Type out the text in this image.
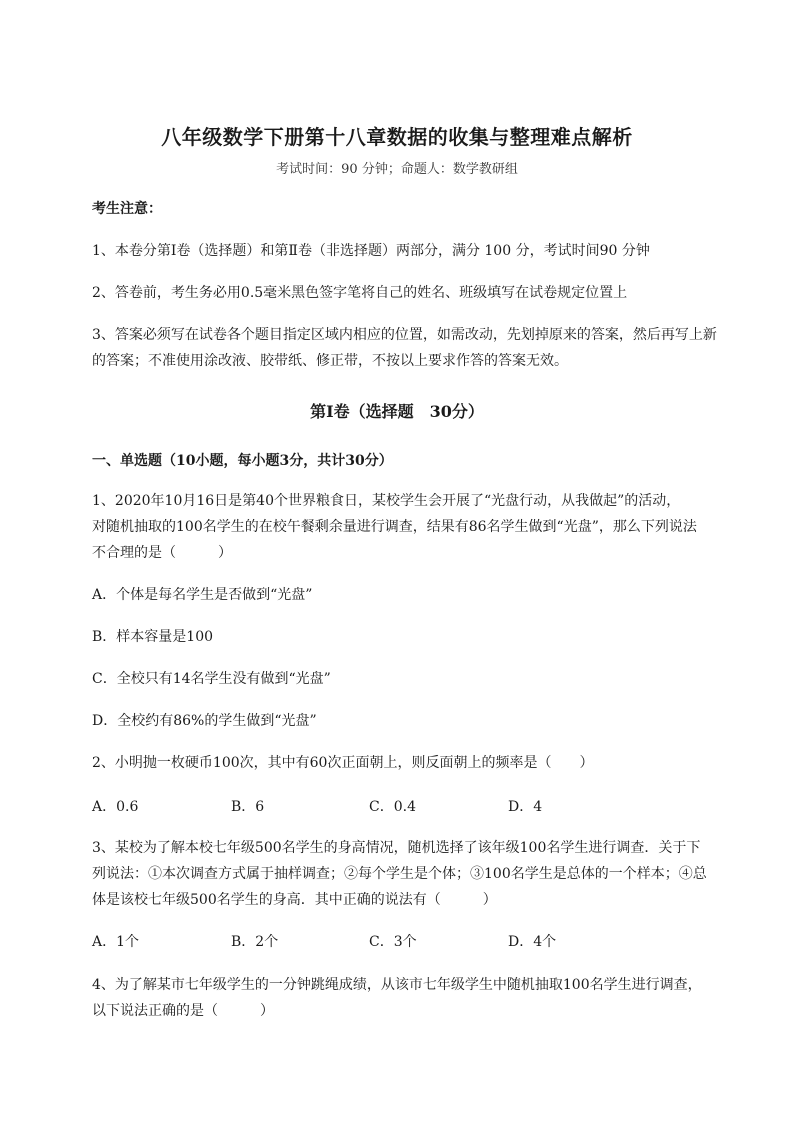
八年级数学下册第十八章数据的收集与整理难点解析
考试时间：90 分钟；命题人：数学教研组
考生注意：
1、本卷分第Ⅰ卷（选择题）和第Ⅱ卷（非选择题）两部分，满分 100 分，考试时间90 分钟
2、答卷前，考生务必用0.5毫米黑色签字笔将自己的姓名、班级填写在试卷规定位置上
3、答案必须写在试卷各个题目指定区域内相应的位置，如需改动，先划掉原来的答案，然后再写上新
的答案；不准使用涂改液、胶带纸、修正带，不按以上要求作答的答案无效。
第Ⅰ卷（选择题　30分）
一、单选题（10小题，每小题3分，共计30分）
1、2020年10月16日是第40个世界粮食日，某校学生会开展了“光盘行动，从我做起”的活动，
对随机抽取的100名学生的在校午餐剩余量进行调查，结果有86名学生做到“光盘”，那么下列说法
不合理的是（　　　）
A．个体是每名学生是否做到“光盘”
B．样本容量是100
C．全校只有14名学生没有做到“光盘”
D．全校约有86%的学生做到“光盘”
2、小明抛一枚硬币100次，其中有60次正面朝上，则反面朝上的频率是（　　）
A．0.6	B．6	C．0.4	D．4
3、某校为了解本校七年级500名学生的身高情况，随机选择了该年级100名学生进行调查．关于下
列说法：①本次调查方式属于抽样调查；②每个学生是个体；③100名学生是总体的一个样本；④总
体是该校七年级500名学生的身高．其中正确的说法有（　　　）
A．1个	B．2个	C．3个	D．4个
4、为了解某市七年级学生的一分钟跳绳成绩，从该市七年级学生中随机抽取100名学生进行调查，
以下说法正确的是（　　　）
